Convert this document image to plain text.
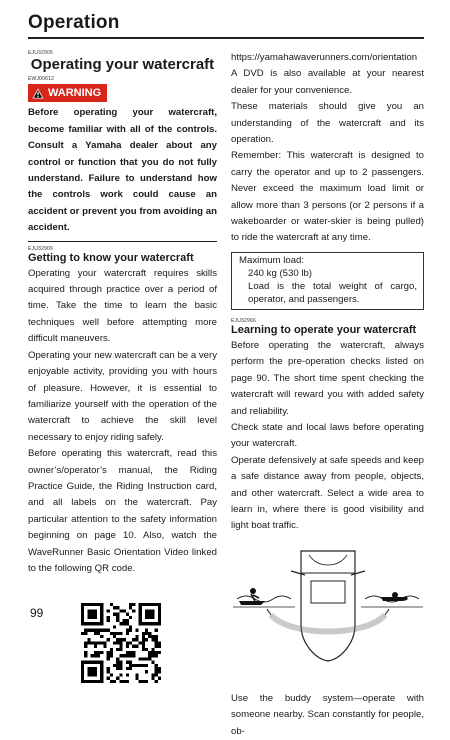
Operation
EJU32905
Operating your watercraft
EWJ00612
WARNING

Before operating your watercraft, become familiar with all of the controls. Consult a Yamaha dealer about any control or function that you do not fully understand. Failure to understand how the controls work could cause an accident or prevent you from avoiding an accident.

EJU32909
Getting to know your watercraft

Operating your watercraft requires skills acquired through practice over a period of time. Take the time to learn the basic techniques well before attempting more difficult maneuvers.

Operating your new watercraft can be a very enjoyable activity, providing you with hours of pleasure. However, it is essential to familiarize yourself with the operation of the watercraft to achieve the skill level necessary to enjoy riding safely.

Before operating this watercraft, read this owner’s/operator’s manual, the Riding Practice Guide, the Riding Instruction card, and all labels on the watercraft. Pay particular attention to the safety information beginning on page 10. Also, watch the WaveRunner Basic Orientation Video linked to the following QR code.

https://yamahawaverunners.com/orientation

A DVD is also available at your nearest dealer for your convenience.

These materials should give you an understanding of the watercraft and its operation.

Remember: This watercraft is designed to carry the operator and up to 2 passengers. Never exceed the maximum load limit or allow more than 3 persons (or 2 persons if a wakeboarder or water-skier is being pulled) to ride the watercraft at any time.

Maximum load:
240 kg (530 lb)
Load is the total weight of cargo, operator, and passengers.
EJU32966
Learning to operate your watercraft

Before operating the watercraft, always perform the pre-operation checks listed on page 90. The short time spent checking the watercraft will reward you with added safety and reliability.

Check state and local laws before operating your watercraft.

Operate defensively at safe speeds and keep a safe distance away from people, objects, and other watercraft. Select a wide area to learn in, where there is good visibility and light boat traffic.

Use the buddy system—operate with someone nearby. Scan constantly for people, ob-

99
